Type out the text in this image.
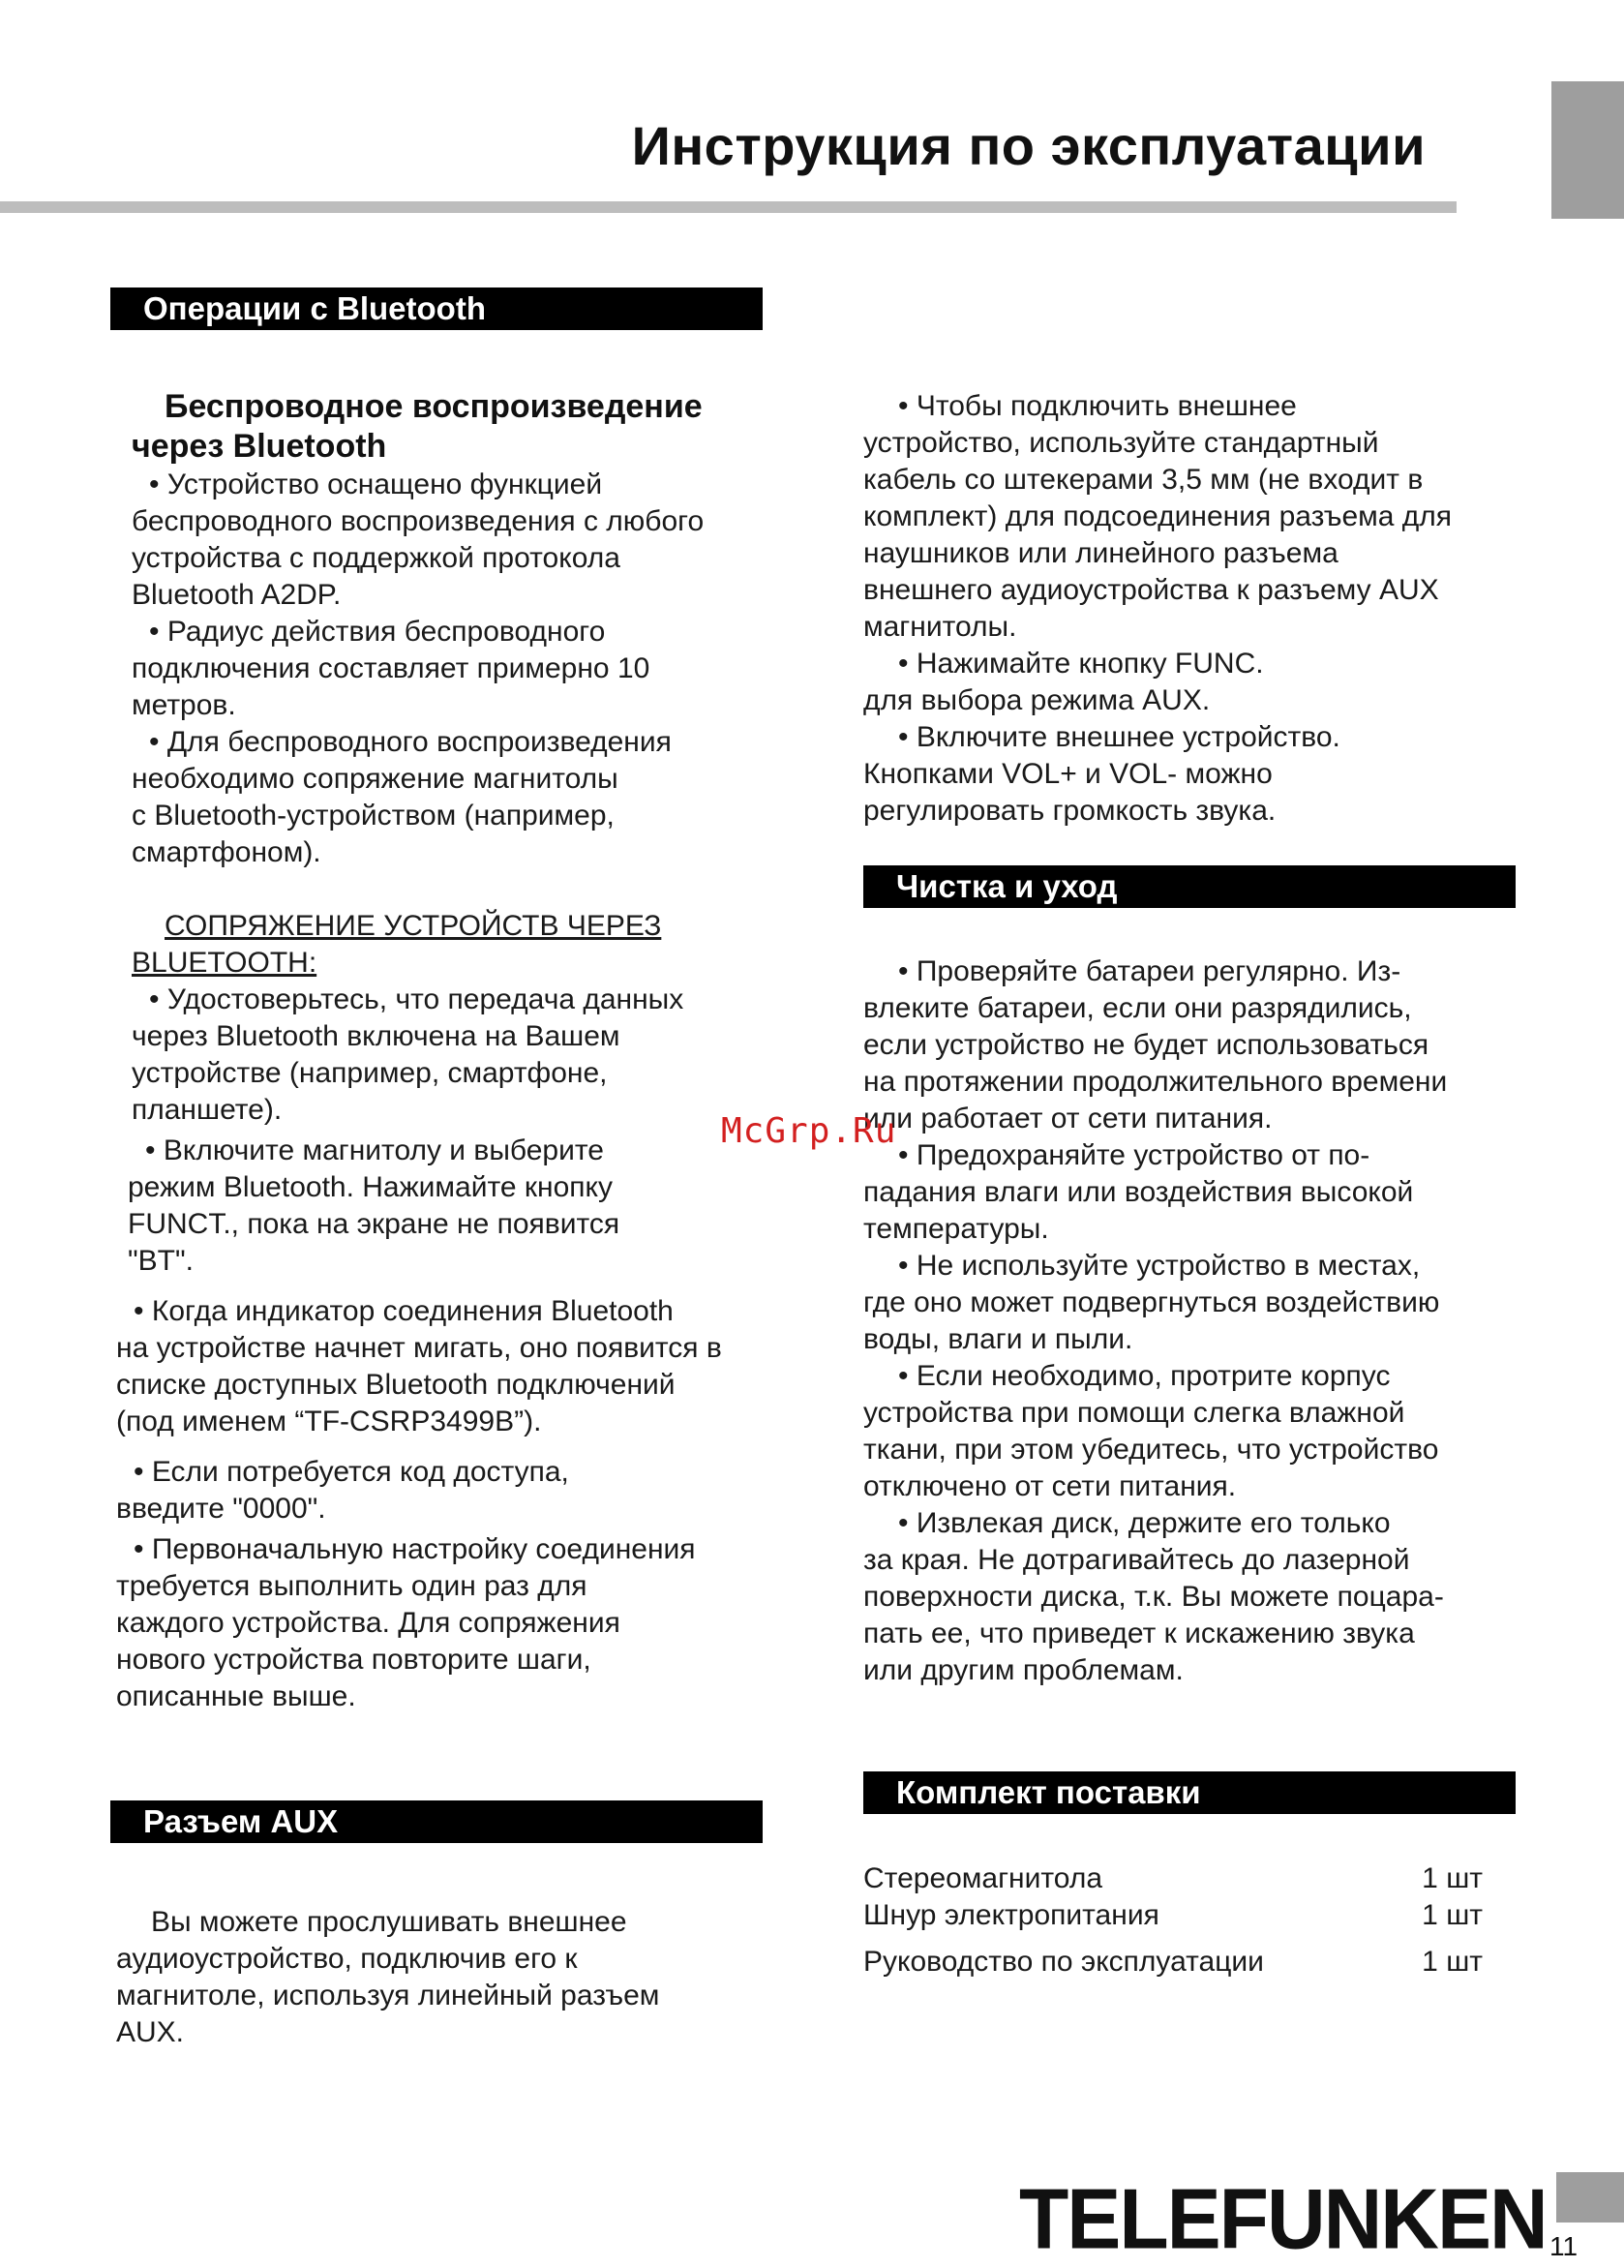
Инструкция по эксплуатации
Операции с Bluetooth

Беспроводное воспроизведение

через Bluetooth

• Устройство оснащено функцией

беспроводного воспроизведения с любого

устройства с поддержкой протокола

Bluetooth A2DP.

• Радиус действия беспроводного

подключения составляет примерно 10

метров.

• Для беспроводного воспроизведения

необходимо сопряжение магнитолы

с Bluetooth-устройством (например,

смартфоном).

СОПРЯЖЕНИЕ УСТРОЙСТВ ЧЕРЕЗ

BLUETOOTH:

• Удостоверьтесь, что передача данных

через Bluetooth включена на Вашем

устройстве (например, смартфоне,

планшете).

• Включите магнитолу и выберите

режим Bluetooth. Нажимайте кнопку

FUNCT., пока на экране не появится

"BT".

• Когда индикатор соединения Bluetooth

на устройстве начнет мигать, оно появится в

списке доступных Bluetooth подключений

(под именем “TF-CSRP3499B”).

• Если потребуется код доступа,

введите "0000".

• Первоначальную настройку соединения

требуется выполнить один раз для

каждого устройства. Для сопряжения

нового устройства повторите шаги,

описанные выше.

Разъем AUX

Вы можете прослушивать внешнее

аудиоустройство, подключив его к

магнитоле, используя линейный разъем

AUX.

• Чтобы подключить внешнее

устройство, используйте стандартный

кабель со штекерами 3,5 мм (не входит в

комплект) для подсоединения разъема для

наушников или линейного разъема

внешнего аудиоустройства к разъему AUX

магнитолы.

• Нажимайте кнопку FUNC.

для выбора режима AUX.

• Включите внешнее устройство.

Кнопками VOL+ и VOL- можно

регулировать громкость звука.

Чистка и уход

• Проверяйте батареи регулярно. Из-

влеките батареи, если они разрядились,

если устройство не будет использоваться

на протяжении продолжительного времени

или работает от сети питания.

• Предохраняйте устройство от по-

падания влаги или воздействия высокой

температуры.

• Не используйте устройство в местах,

где оно может подвергнуться воздействию

воды, влаги и пыли.

• Если необходимо, протрите корпус

устройства при помощи слегка влажной

ткани, при этом убедитесь, что устройство

отключено от сети питания.

• Извлекая диск, держите его только

за края. Не дотрагивайтесь до лазерной

поверхности диска, т.к. Вы можете поцара-

пать ее, что приведет к искажению звука

или другим проблемам.

Комплект поставки
Стереомагнитола	1 шт
Шнур электропитания	1 шт
Руководство по эксплуатации	1 шт
McGrp.Ru
TELEFUNKEN 11
